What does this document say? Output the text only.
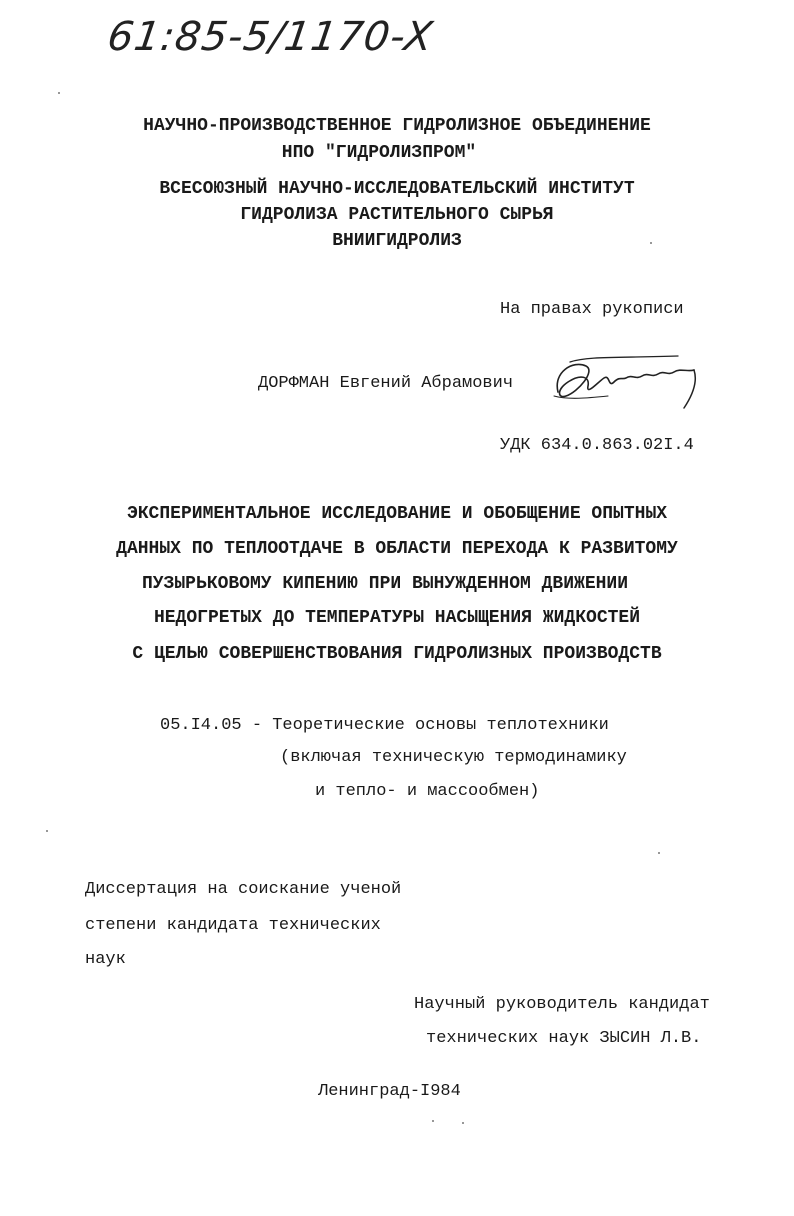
61:85-5/1170-X
НАУЧНО-ПРОИЗВОДСТВЕННОЕ ГИДРОЛИЗНОЕ ОБЪЕДИНЕНИЕ
НПО "ГИДРОЛИЗПРОМ"
ВСЕСОЮЗНЫЙ НАУЧНО-ИССЛЕДОВАТЕЛЬСКИЙ ИНСТИТУТ
ГИДРОЛИЗА РАСТИТЕЛЬНОГО СЫРЬЯ
ВНИИГИДРОЛИЗ
На правах рукописи
ДОРФМАН Евгений Абрамович
УДК 634.0.863.02I.4
ЭКСПЕРИМЕНТАЛЬНОЕ ИССЛЕДОВАНИЕ И ОБОБЩЕНИЕ ОПЫТНЫХ
ДАННЫХ ПО ТЕПЛООТДАЧЕ В ОБЛАСТИ ПЕРЕХОДА К РАЗВИТОМУ
ПУЗЫРЬКОВОМУ КИПЕНИЮ ПРИ ВЫНУЖДЕННОМ ДВИЖЕНИИ
НЕДОГРЕТЫХ ДО ТЕМПЕРАТУРЫ НАСЫЩЕНИЯ ЖИДКОСТЕЙ
С ЦЕЛЬЮ СОВЕРШЕНСТВОВАНИЯ ГИДРОЛИЗНЫХ ПРОИЗВОДСТВ
05.I4.05 - Теоретические основы теплотехники
(включая техническую термодинамику
и тепло- и массообмен)
Диссертация на соискание ученой
степени кандидата технических
наук
Научный руководитель кандидат
технических наук ЗЫСИН Л.В.
Ленинград-I984
